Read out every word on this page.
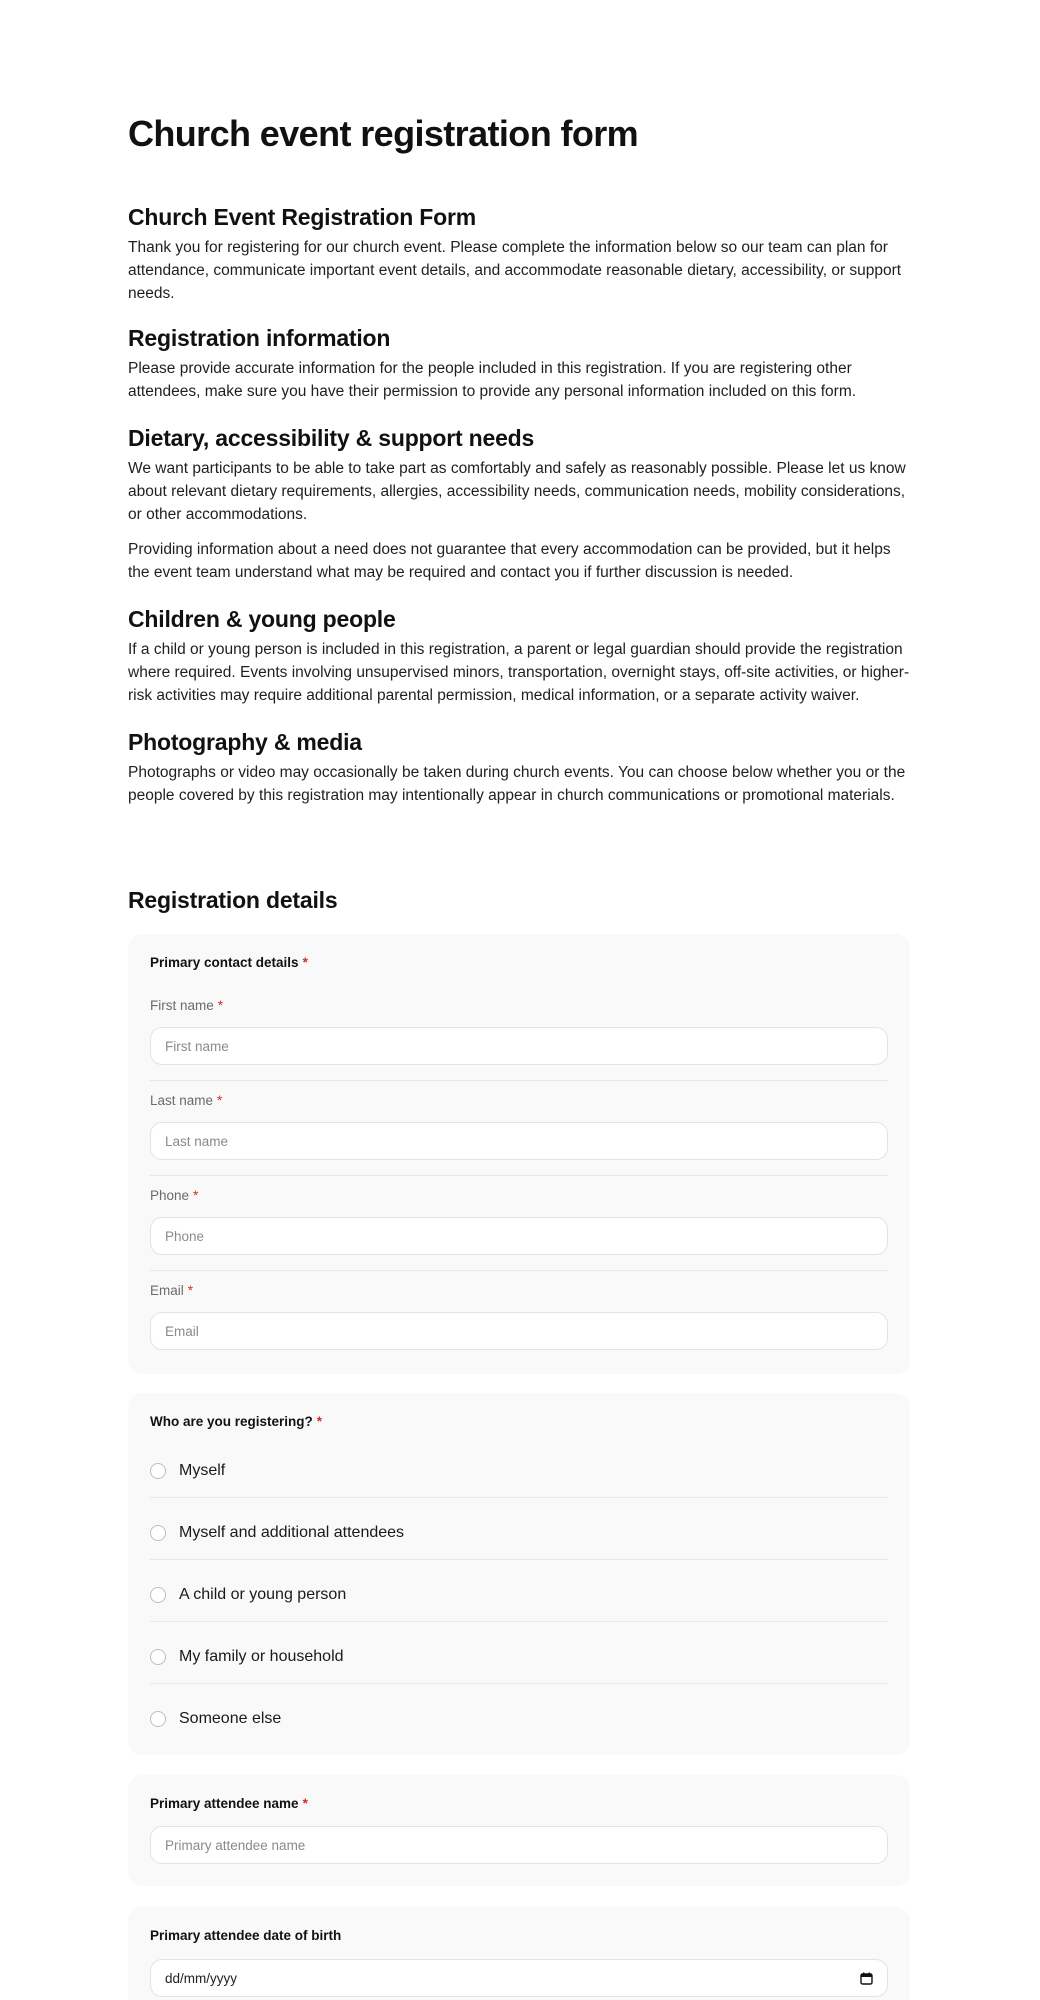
Church event registration form
Church Event Registration Form

Thank you for registering for our church event. Please complete the information below so our team can plan for attendance, communicate important event details, and accommodate reasonable dietary, accessibility, or support needs.

Registration information

Please provide accurate information for the people included in this registration. If you are registering other attendees, make sure you have their permission to provide any personal information included on this form.

Dietary, accessibility & support needs

We want participants to be able to take part as comfortably and safely as reasonably possible. Please let us know about relevant dietary requirements, allergies, accessibility needs, communication needs, mobility considerations, or other accommodations.

Providing information about a need does not guarantee that every accommodation can be provided, but it helps the event team understand what may be required and contact you if further discussion is needed.

Children & young people

If a child or young person is included in this registration, a parent or legal guardian should provide the registration where required. Events involving unsupervised minors, transportation, overnight stays, off-site activities, or higher-risk activities may require additional parental permission, medical information, or a separate activity waiver.

Photography & media

Photographs or video may occasionally be taken during church events. You can choose below whether you or the people covered by this registration may intentionally appear in church communications or promotional materials.

Registration details
Primary contact details *
First name *
First name
Last name *
Last name
Phone *
Phone
Email *
Email
Who are you registering? *
Myself
Myself and additional attendees
A child or young person
My family or household
Someone else
Primary attendee name *
Primary attendee name
Primary attendee date of birth
dd/mm/yyyy
